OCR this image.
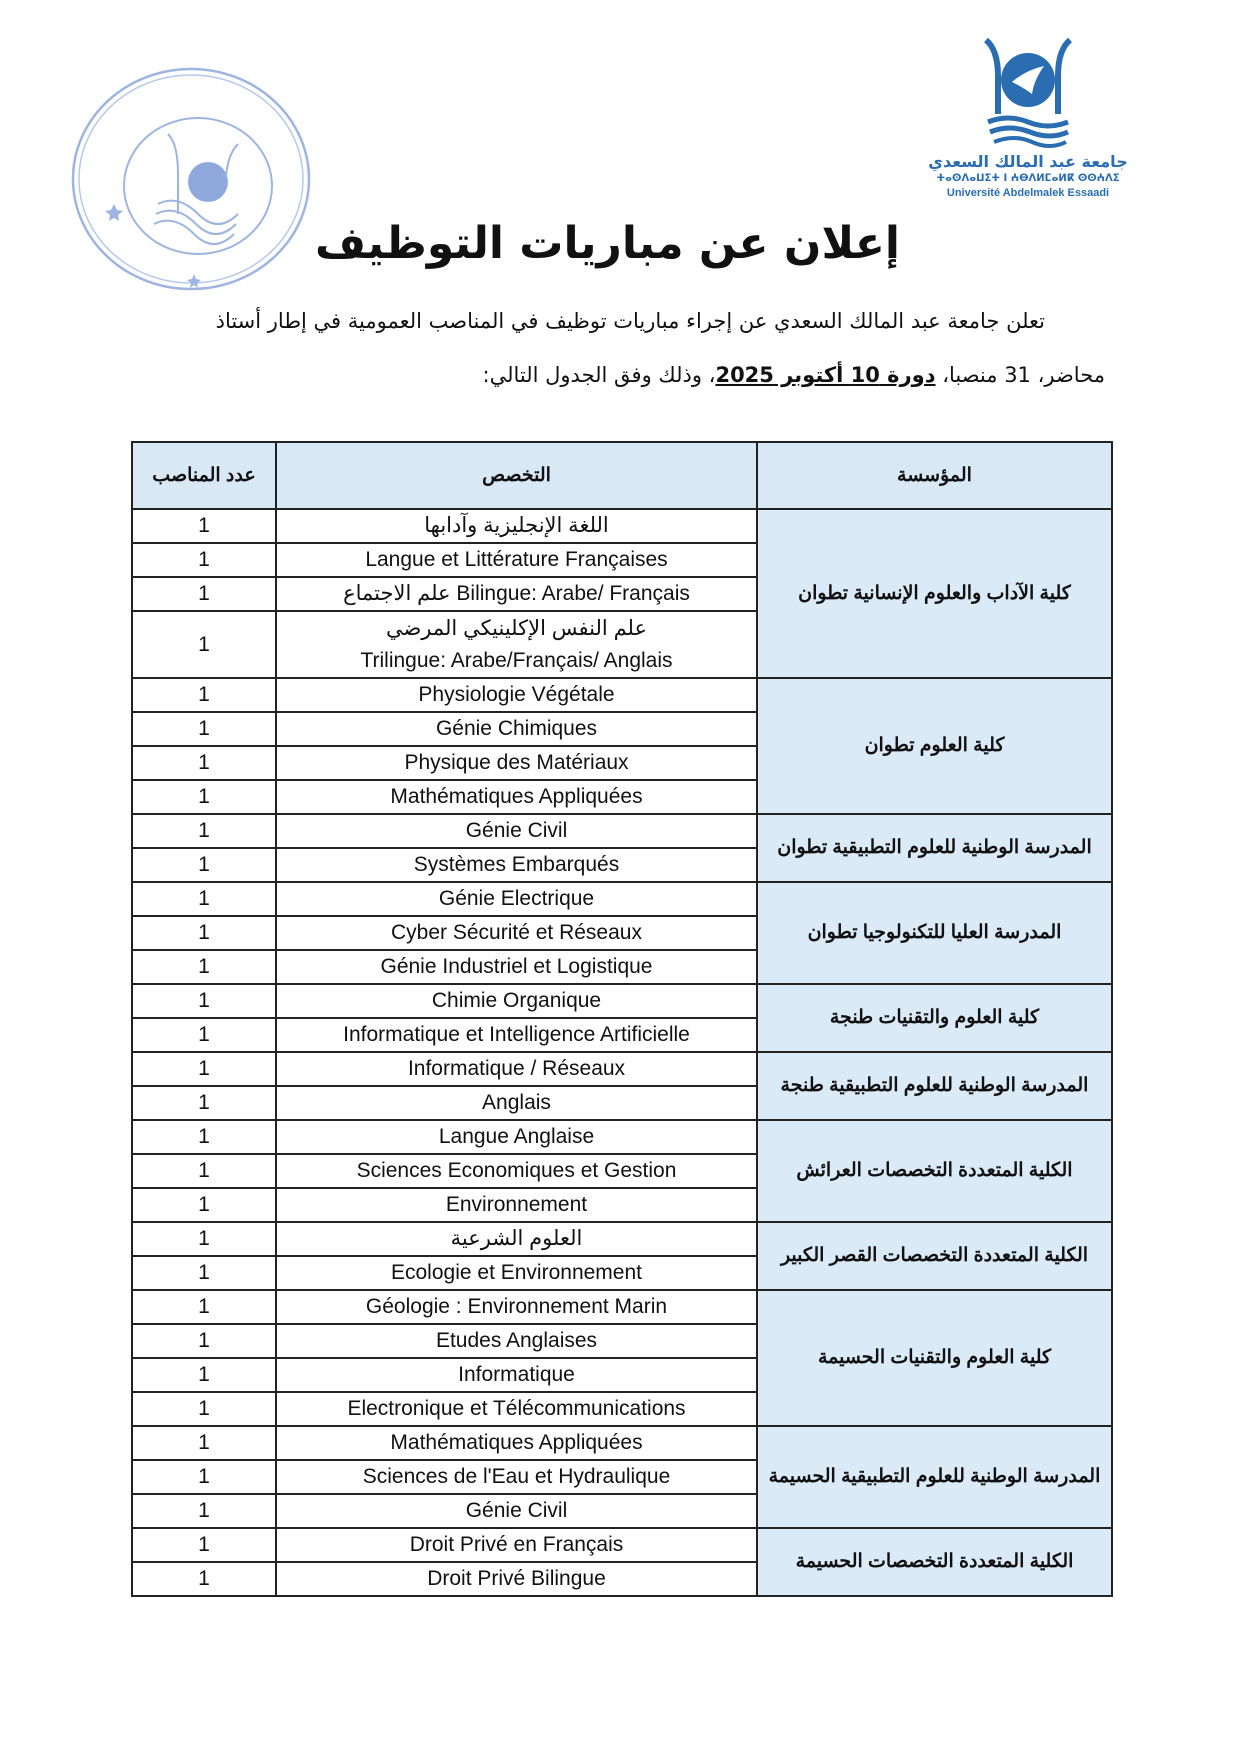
جامعة عبد المالك السعدي
ⵜⴰⵙⴷⴰⵡⵉⵜ ⵏ ⵄⴱⴷⵍⵎⴰⵍⴽ ⵙⵙⵄⴷⵉ
Université Abdelmalek Essaadi
إعلان عن مباريات التوظيف
تعلن جامعة عبد المالك السعدي عن إجراء مباريات توظيف في المناصب العمومية في إطار أستاذ
محاضر، 31 منصبا، دورة 10 أكتوبر 2025، وذلك وفق الجدول التالي:
عدد المناصب	التخصص	المؤسسة
1	اللغة الإنجليزية وآدابها	كلية الآداب والعلوم الإنسانية تطوان
1	Langue et Littérature Françaises	

1	Bilingue: Arabe/ Français علم الاجتماع	

1	علم النفس الإكلينيكي المرضي
Trilingue: Arabe/Français/ Anglais	

1	Physiologie Végétale	كلية العلوم تطوان
1	Génie Chimiques	

1	Physique des Matériaux	

1	Mathématiques Appliquées	

1	Génie Civil	المدرسة الوطنية للعلوم التطبيقية تطوان
1	Systèmes Embarqués	

1	Génie Electrique	المدرسة العليا للتكنولوجيا تطوان
1	Cyber Sécurité et Réseaux	

1	Génie Industriel et Logistique	

1	Chimie Organique	كلية العلوم والتقنيات طنجة
1	Informatique et Intelligence Artificielle	

1	Informatique / Réseaux	المدرسة الوطنية للعلوم التطبيقية طنجة
1	Anglais	

1	Langue Anglaise	الكلية المتعددة التخصصات العرائش
1	Sciences Economiques et Gestion	

1	Environnement	

1	العلوم الشرعية	الكلية المتعددة التخصصات القصر الكبير
1	Ecologie et Environnement	

1	Géologie : Environnement Marin	كلية العلوم والتقنيات الحسيمة
1	Etudes Anglaises	

1	Informatique	

1	Electronique et Télécommunications	

1	Mathématiques Appliquées	المدرسة الوطنية للعلوم التطبيقية الحسيمة
1	Sciences de l'Eau et Hydraulique	

1	Génie Civil	

1	Droit Privé en Français	الكلية المتعددة التخصصات الحسيمة
1	Droit Privé Bilingue	
